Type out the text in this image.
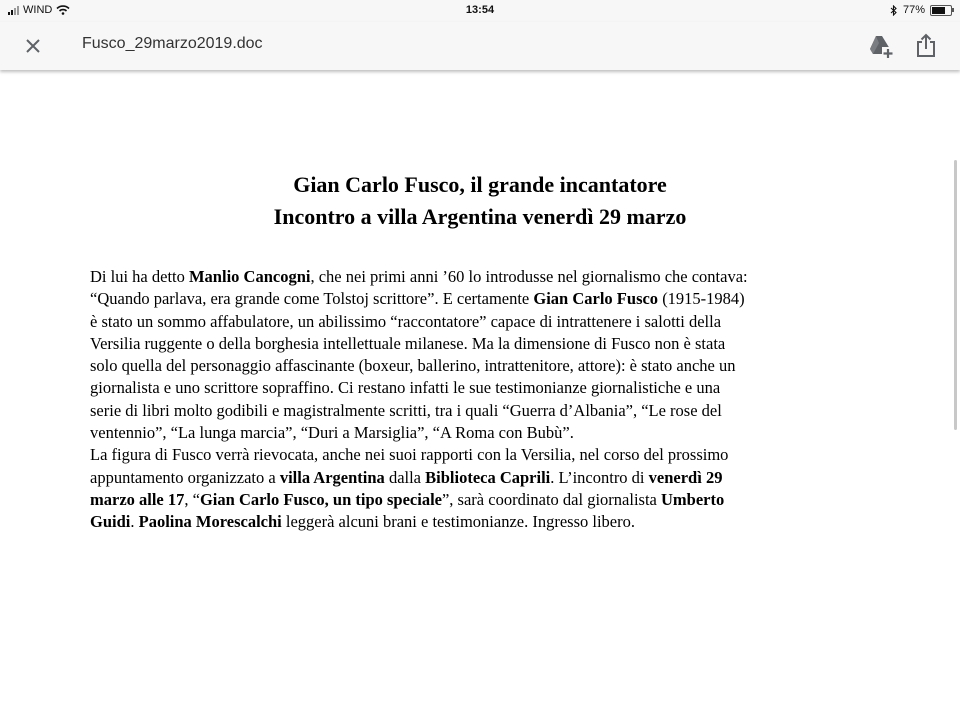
WIND	13:54	77%
Fusco_29marzo2019.doc
Gian Carlo Fusco, il grande incantatore
Incontro a villa Argentina venerdì 29 marzo

Di lui ha detto Manlio Cancogni, che nei primi anni ’60 lo introdusse nel giornalismo che contava:

“Quando parlava, era grande come Tolstoj scrittore”. E certamente Gian Carlo Fusco (1915-1984)

è stato un sommo affabulatore, un abilissimo “raccontatore” capace di intrattenere i salotti della

Versilia ruggente o della borghesia intellettuale milanese. Ma la dimensione di Fusco non è stata

solo quella del personaggio affascinante (boxeur, ballerino, intrattenitore, attore): è stato anche un

giornalista e uno scrittore sopraffino. Ci restano infatti le sue testimonianze giornalistiche e una

serie di libri molto godibili e magistralmente scritti, tra i quali “Guerra d’Albania”, “Le rose del

ventennio”, “La lunga marcia”, “Duri a Marsiglia”, “A Roma con Bubù”.

La figura di Fusco verrà rievocata, anche nei suoi rapporti con la Versilia, nel corso del prossimo

appuntamento organizzato a villa Argentina dalla Biblioteca Caprili. L’incontro di venerdì 29

marzo alle 17, “Gian Carlo Fusco, un tipo speciale”, sarà coordinato dal giornalista Umberto

Guidi. Paolina Morescalchi leggerà alcuni brani e testimonianze. Ingresso libero.
